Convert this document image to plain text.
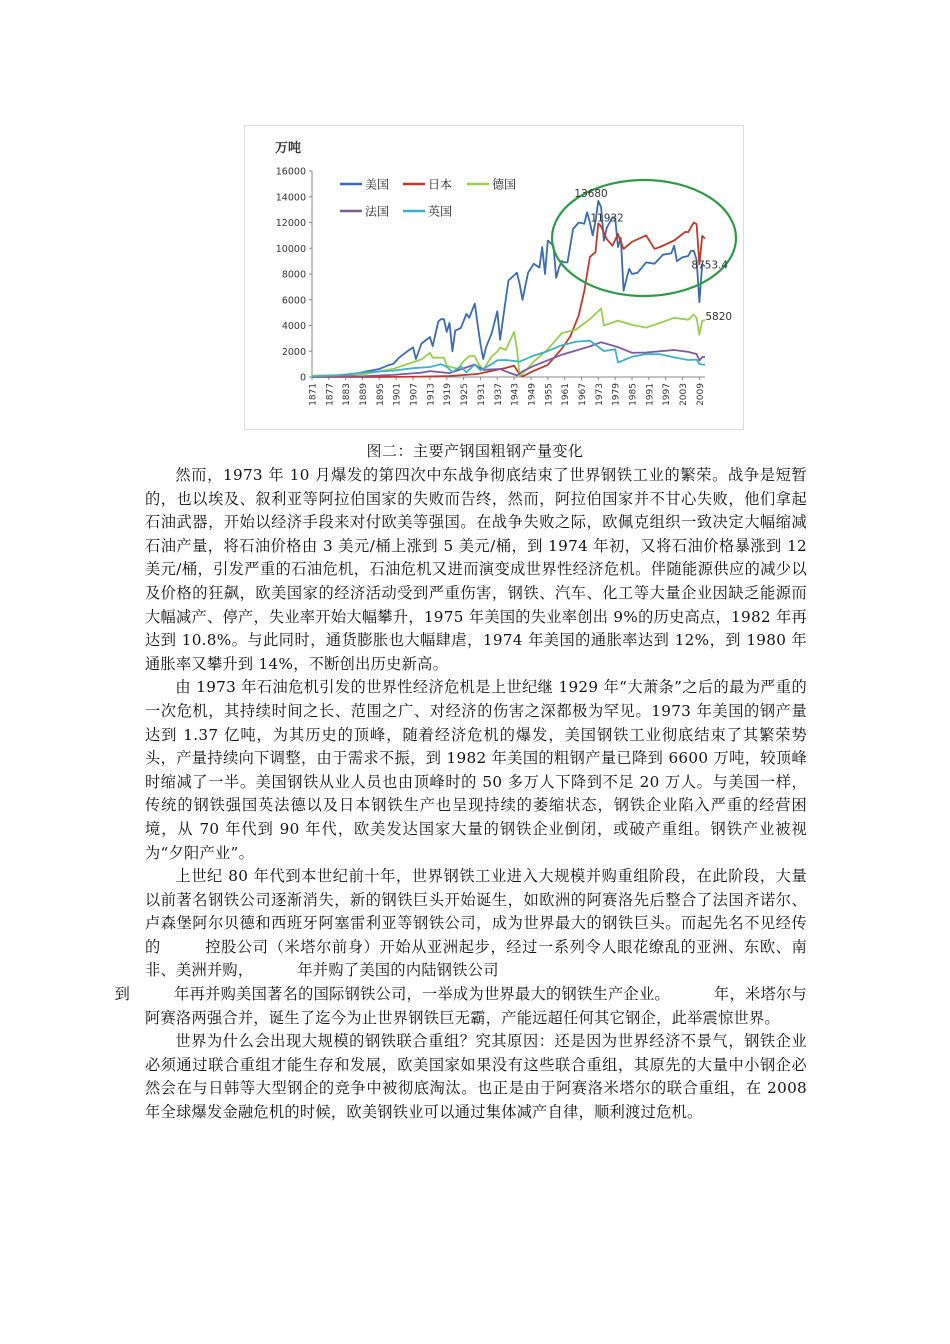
万吨
0
2000
4000
6000
8000
10000
12000
14000
16000
1871 1877 1883 1889 1895 1901 1907 1913 1919 1925 1931 1937 1943 1949 1955 1961 1967 1973 1979 1985 1991 1997 2003 2009
美国	日本	德国
法国	英国
13680
11932
8753.4
5820
图二：主要产钢国粗钢产量变化

然而，1973 年 10 月爆发的第四次中东战争彻底结束了世界钢铁工业的繁荣。战争是短暂的，也以埃及、叙利亚等阿拉伯国家的失败而告终，然而，阿拉伯国家并不甘心失败，他们拿起石油武器，开始以经济手段来对付欧美等强国。在战争失败之际，欧佩克组织一致决定大幅缩减石油产量，将石油价格由 3 美元/桶上涨到 5 美元/桶，到 1974 年初，又将石油价格暴涨到 12 美元/桶，引发严重的石油危机，石油危机又进而演变成世界性经济危机。伴随能源供应的减少以及价格的狂飙，欧美国家的经济活动受到严重伤害，钢铁、汽车、化工等大量企业因缺乏能源而大幅减产、停产，失业率开始大幅攀升，1975 年美国的失业率创出 9%的历史高点，1982 年再达到 10.8%。与此同时，通货膨胀也大幅肆虐，1974 年美国的通胀率达到 12%，到 1980 年通胀率又攀升到 14%，不断创出历史新高。

由 1973 年石油危机引发的世界性经济危机是上世纪继 1929 年“大萧条”之后的最为严重的一次危机，其持续时间之长、范围之广、对经济的伤害之深都极为罕见。1973 年美国的钢产量达到 1.37 亿吨，为其历史的顶峰，随着经济危机的爆发，美国钢铁工业彻底结束了其繁荣势头，产量持续向下调整，由于需求不振，到 1982 年美国的粗钢产量已降到 6600 万吨，较顶峰时缩减了一半。美国钢铁从业人员也由顶峰时的 50 多万人下降到不足 20 万人。与美国一样，传统的钢铁强国英法德以及日本钢铁生产也呈现持续的萎缩状态，钢铁企业陷入严重的经营困境，从 70 年代到 90 年代，欧美发达国家大量的钢铁企业倒闭，或破产重组。钢铁产业被视为“夕阳产业”。

上世纪 80 年代到本世纪前十年，世界钢铁工业进入大规模并购重组阶段，在此阶段，大量以前著名钢铁公司逐渐消失，新的钢铁巨头开始诞生，如欧洲的阿赛洛先后整合了法国齐诺尔、卢森堡阿尔贝德和西班牙阿塞雷利亚等钢铁公司，成为世界最大的钢铁巨头。而起先名不见经传的	控股公司（米塔尔前身）开始从亚洲起步，经过一系列令人眼花缭乱的亚洲、东欧、南非、美洲并购，	年并购了美国的内陆钢铁公司
到	年再并购美国著名的国际钢铁公司，一举成为世界最大的钢铁生产企业。	年，米塔尔与阿赛洛两强合并，诞生了迄今为止世界钢铁巨无霸，产能远超任何其它钢企，此举震惊世界。

世界为什么会出现大规模的钢铁联合重组？究其原因：还是因为世界经济不景气，钢铁企业必须通过联合重组才能生存和发展，欧美国家如果没有这些联合重组，其原先的大量中小钢企必然会在与日韩等大型钢企的竞争中被彻底淘汰。也正是由于阿赛洛米塔尔的联合重组，在 2008 年全球爆发金融危机的时候，欧美钢铁业可以通过集体减产自律，顺利渡过危机。
